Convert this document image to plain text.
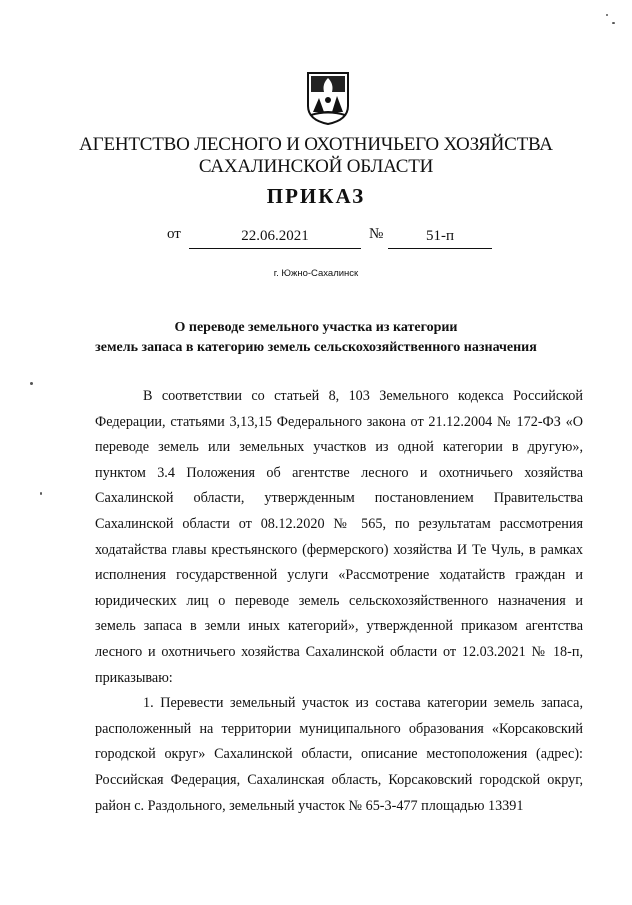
АГЕНТСТВО ЛЕСНОГО И ОХОТНИЧЬЕГО ХОЗЯЙСТВА
САХАЛИНСКОЙ ОБЛАСТИ
ПРИКАЗ
от	22.06.2021	№	51-п
г. Южно-Сахалинск
О переводе земельного участка из категории
земель запаса в категорию земель сельскохозяйственного назначения

В соответствии со статьей 8, 103 Земельного кодекса Российской Федерации, статьями 3,13,15 Федерального закона от 21.12.2004 № 172-ФЗ «О переводе земель или земельных участков из одной категории в другую», пунктом 3.4 Положения об агентстве лесного и охотничьего хозяйства Сахалинской области, утвержденным постановлением Правительства Сахалинской области от 08.12.2020 № 565, по результатам рассмотрения ходатайства главы крестьянского (фермерского) хозяйства И Те Чуль, в рамках исполнения государственной услуги «Рассмотрение ходатайств граждан и юридических лиц о переводе земель сельскохозяйственного назначения и земель запаса в земли иных категорий», утвержденной приказом агентства лесного и охотничьего хозяйства Сахалинской области от 12.03.2021 № 18-п, приказываю:

1. Перевести земельный участок из состава категории земель запаса, расположенный на территории муниципального образования «Корсаковский городской округ» Сахалинской области, описание местоположения (адрес): Российская Федерация, Сахалинская область, Корсаковский городской округ, район с. Раздольного, земельный участок № 65-3-477 площадью 13391
